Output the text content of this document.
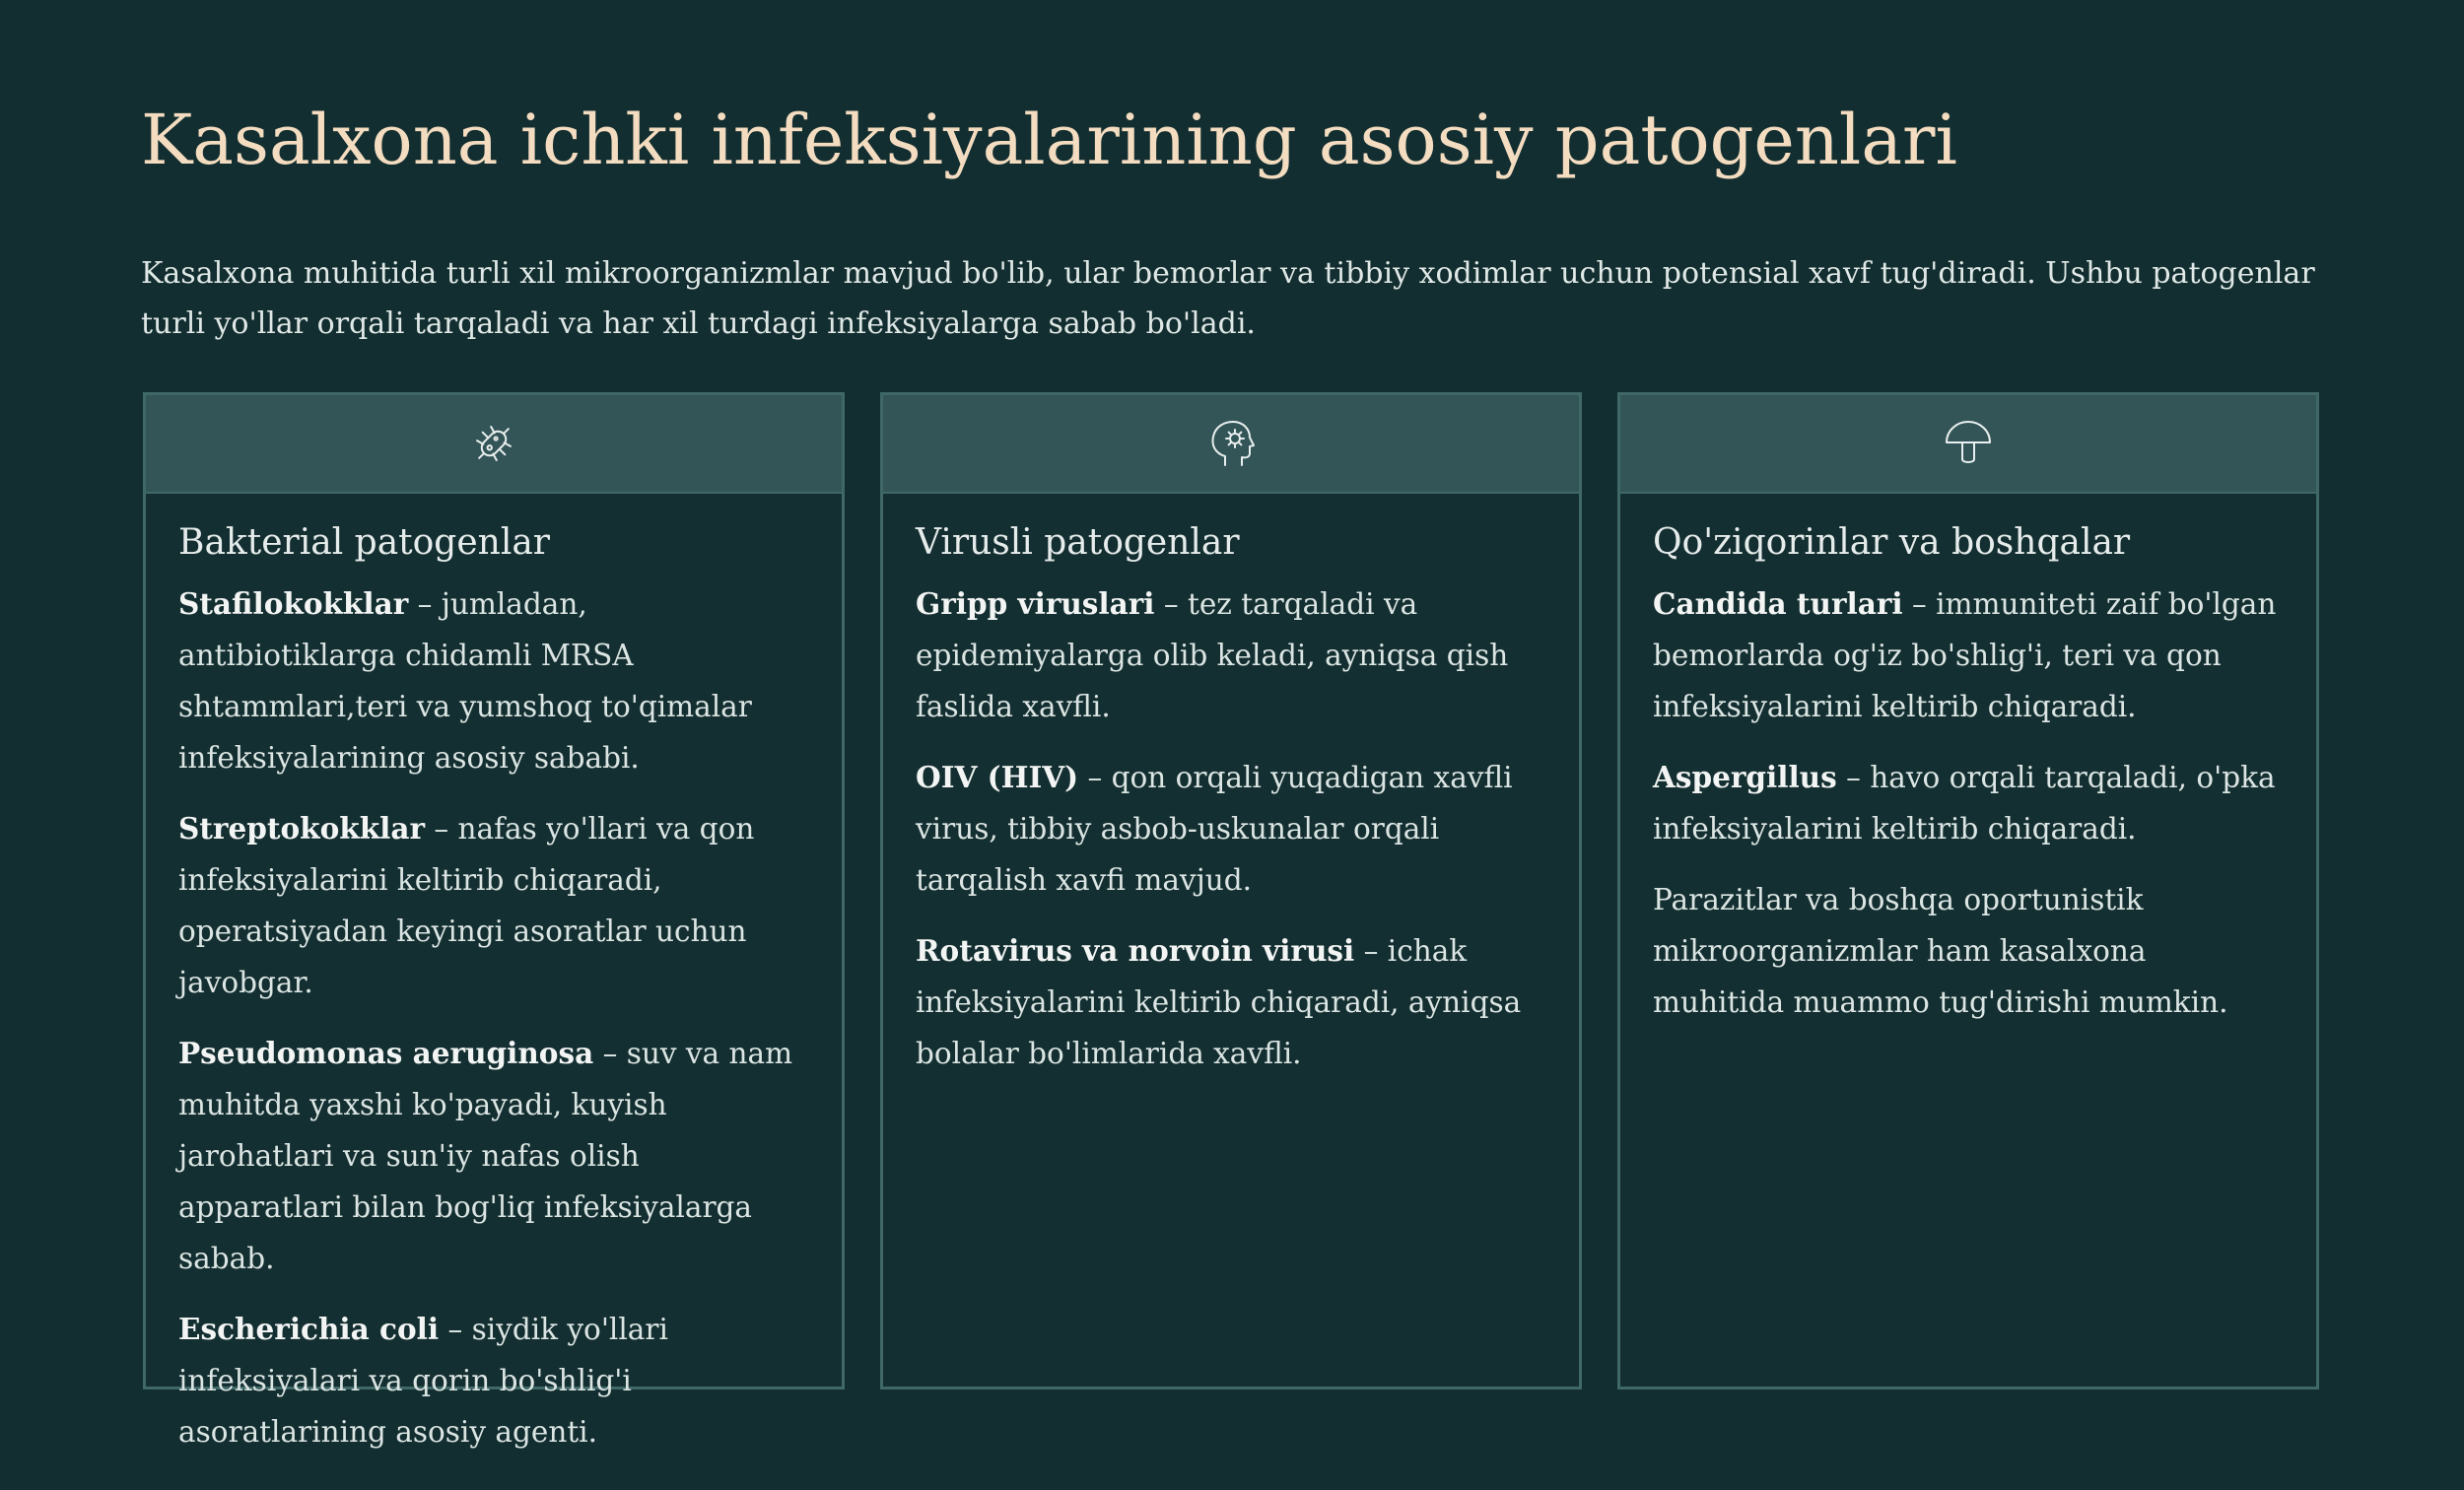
Kasalxona ichki infeksiyalarining asosiy patogenlari

Kasalxona muhitida turli xil mikroorganizmlar mavjud bo'lib, ular bemorlar va tibbiy xodimlar uchun potensial xavf tug'diradi. Ushbu patogenlar turli yo'llar orqali tarqaladi va har xil turdagi infeksiyalarga sabab bo'ladi.

Bakterial patogenlar

Stafilokokklar – jumladan, antibiotiklarga chidamli MRSA shtammlari,teri va yumshoq to'qimalar infeksiyalarining asosiy sababi.

Streptokokklar – nafas yo'llari va qon infeksiyalarini keltirib chiqaradi, operatsiyadan keyingi asoratlar uchun javobgar.

Pseudomonas aeruginosa – suv va nam muhitda yaxshi ko'payadi, kuyish jarohatlari va sun'iy nafas olish apparatlari bilan bog'liq infeksiyalarga sabab.

Escherichia coli – siydik yo'llari infeksiyalari va qorin bo'shlig'i asoratlarining asosiy agenti.

Virusli patogenlar

Gripp viruslari – tez tarqaladi va epidemiyalarga olib keladi, ayniqsa qish faslida xavfli.

OIV (HIV) – qon orqali yuqadigan xavfli virus, tibbiy asbob-uskunalar orqali tarqalish xavfi mavjud.

Rotavirus va norvoin virusi – ichak infeksiyalarini keltirib chiqaradi, ayniqsa bolalar bo'limlarida xavfli.

Qo'ziqorinlar va boshqalar

Candida turlari – immuniteti zaif bo'lgan bemorlarda og'iz bo'shlig'i, teri va qon infeksiyalarini keltirib chiqaradi.

Aspergillus – havo orqali tarqaladi, o'pka infeksiyalarini keltirib chiqaradi.

Parazitlar va boshqa oportunistik mikroorganizmlar ham kasalxona muhitida muammo tug'dirishi mumkin.
